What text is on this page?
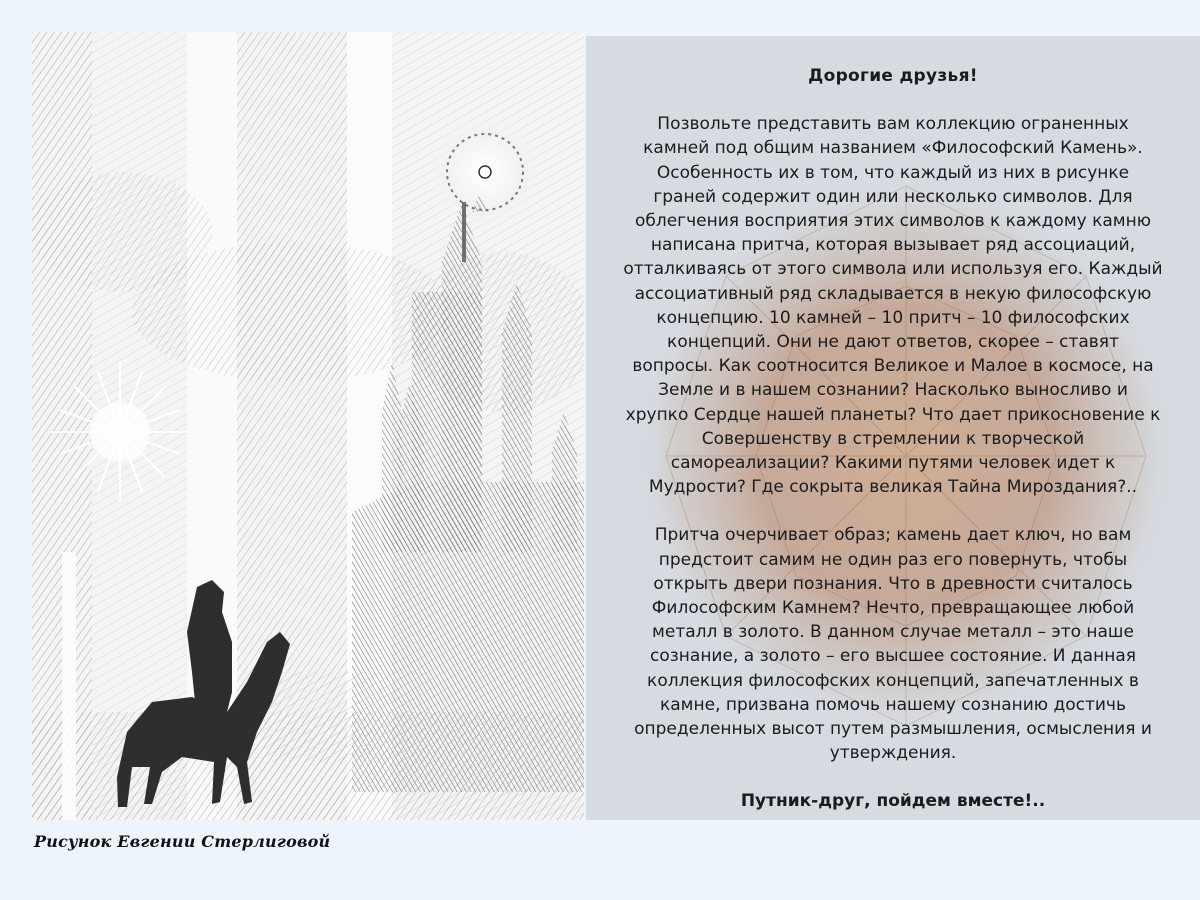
Рисунок Евгении Стерлиговой
Дорогие друзья!
Позвольте представить вам коллекцию ограненных
камней под общим названием «Философский Камень».
Особенность их в том, что каждый из них в рисунке
граней содержит один или несколько символов. Для
облегчения восприятия этих символов к каждому камню
написана притча, которая вызывает ряд ассоциаций,
отталкиваясь от этого символа или используя его. Каждый
ассоциативный ряд складывается в некую философскую
концепцию. 10 камней – 10 притч – 10 философских
концепций. Они не дают ответов, скорее – ставят
вопросы. Как соотносится Великое и Малое в космосе, на
Земле и в нашем сознании? Насколько выносливо и
хрупко Сердце нашей планеты? Что дает прикосновение к
Совершенству в стремлении к творческой
самореализации? Какими путями человек идет к
Мудрости? Где сокрыта великая Тайна Мироздания?..
Притча очерчивает образ; камень дает ключ, но вам
предстоит самим не один раз его повернуть, чтобы
открыть двери познания. Что в древности считалось
Философским Камнем? Нечто, превращающее любой
металл в золото. В данном случае металл – это наше
сознание, а золото – его высшее состояние. И данная
коллекция философских концепций, запечатленных в
камне, призвана помочь нашему сознанию достичь
определенных высот путем размышления, осмысления и
утверждения.
Путник-друг, пойдем вместе!..
